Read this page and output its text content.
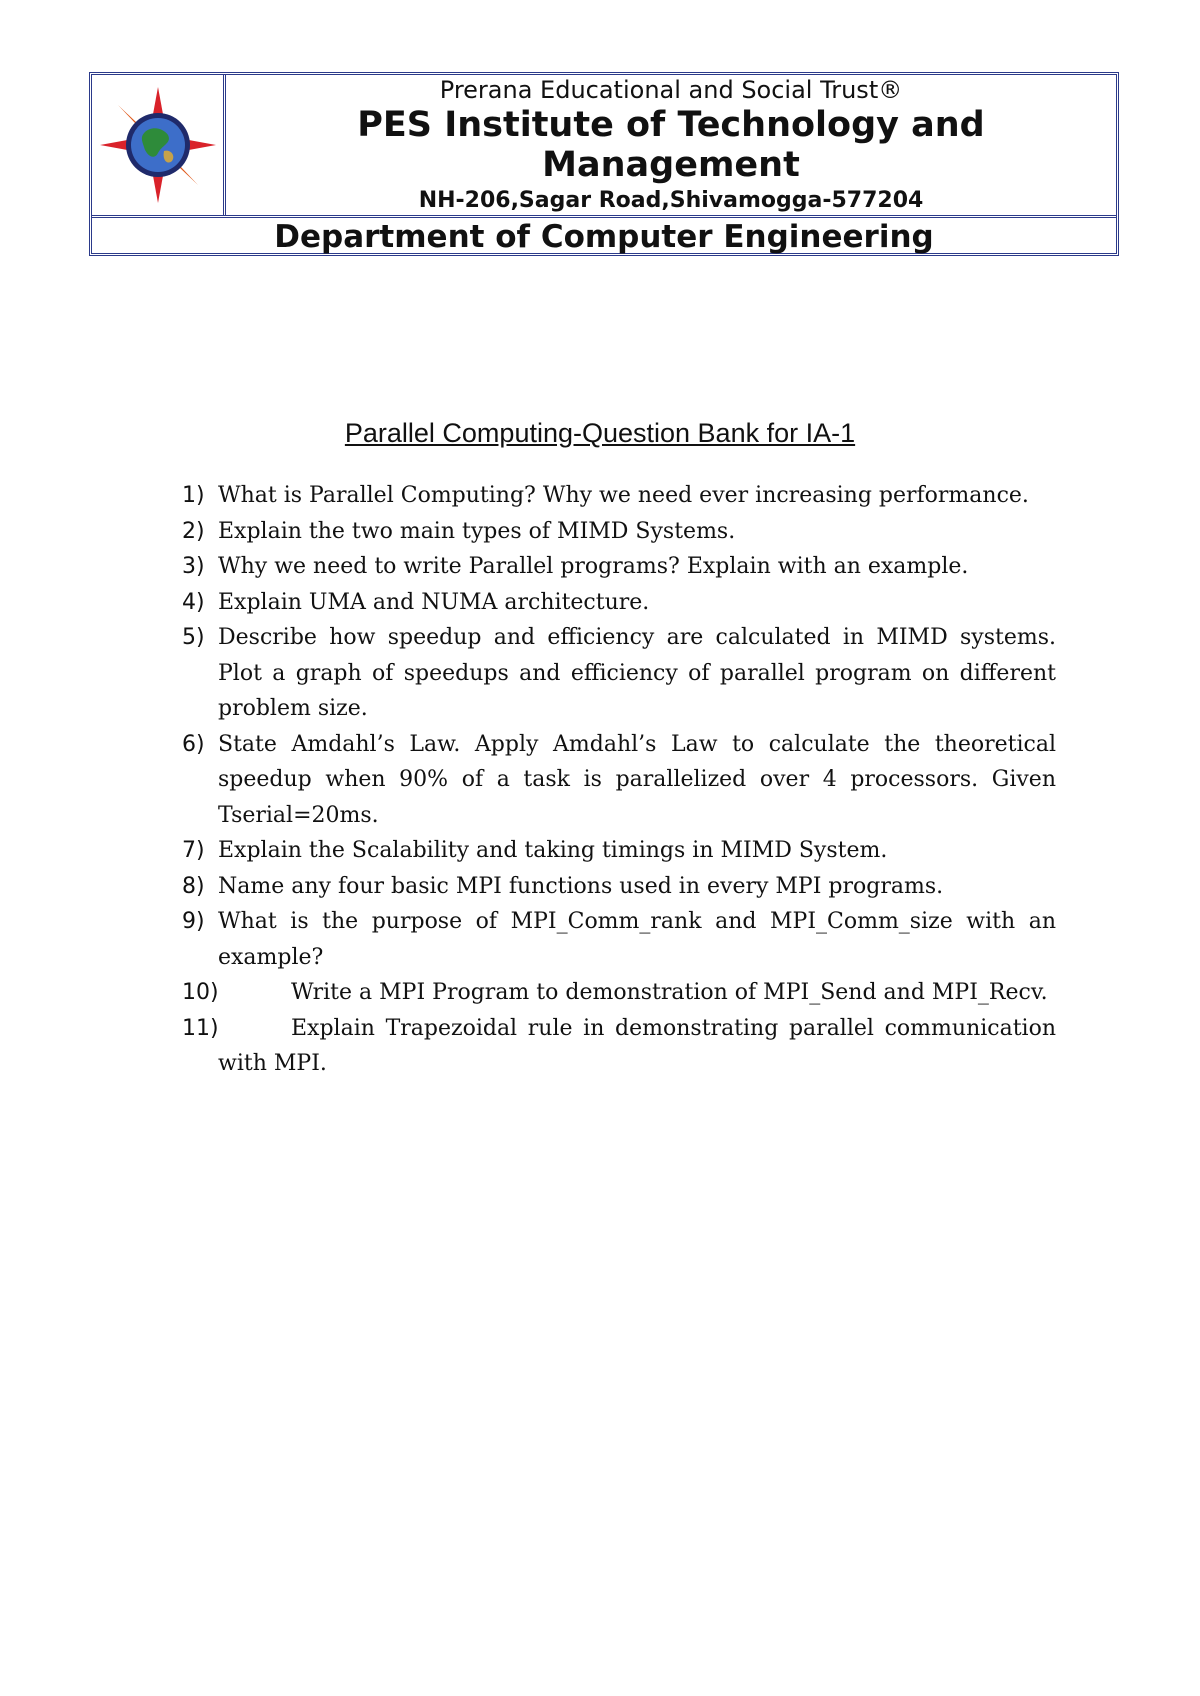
Prerana Educational and Social Trust®
PES Institute of Technology and Management
NH-206,Sagar Road,Shivamogga-577204
Department of Computer Engineering
Parallel Computing-Question Bank for IA-1
1) What is Parallel Computing? Why we need ever increasing performance.
2) Explain the two main types of MIMD Systems.
3) Why we need to write Parallel programs? Explain with an example.
4) Explain UMA and NUMA architecture.
5) Describe how speedup and efficiency are calculated in MIMD systems. Plot a graph of speedups and efficiency of parallel program on different problem size.
6) State Amdahl’s Law. Apply Amdahl’s Law to calculate the theoretical speedup when 90% of a task is parallelized over 4 processors. Given Tserial=20ms.
7) Explain the Scalability and taking timings in MIMD System.
8) Name any four basic MPI functions used in every MPI programs.
9) What is the purpose of MPI_Comm_rank and MPI_Comm_size with an example?
10)	Write a MPI Program to demonstration of MPI_Send and MPI_Recv.
11)	Explain Trapezoidal rule in demonstrating parallel communication with MPI.
